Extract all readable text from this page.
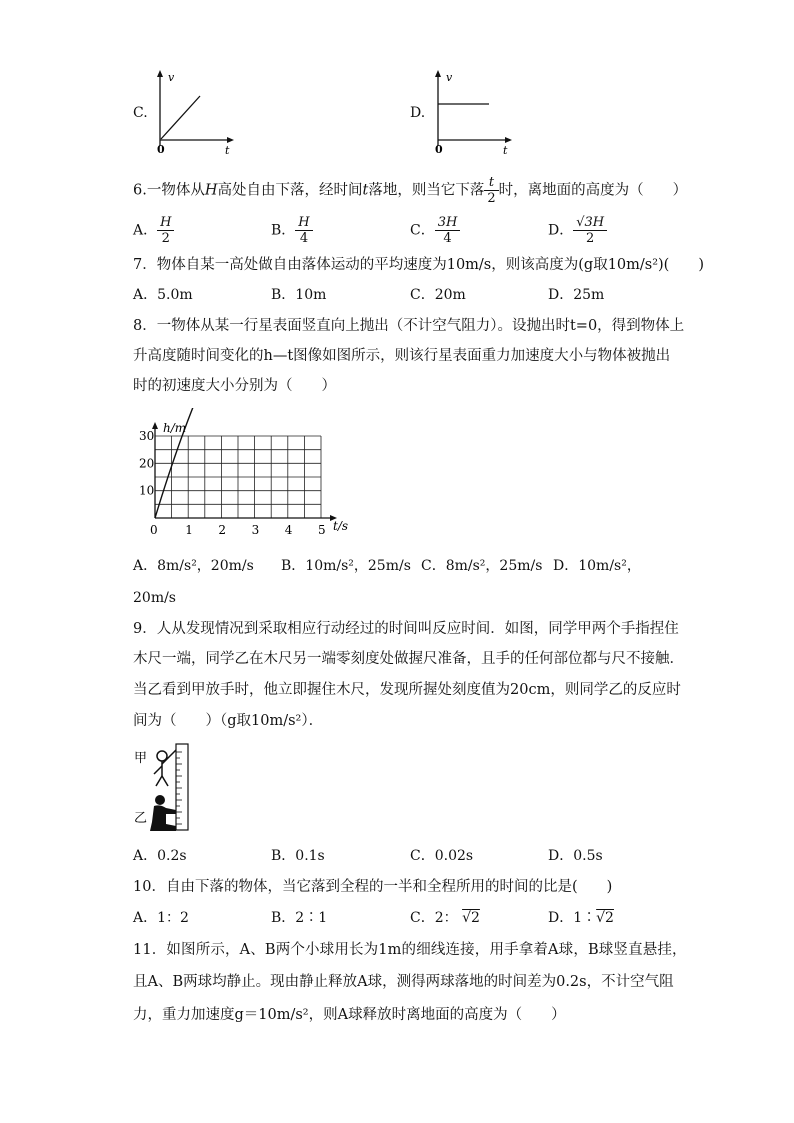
C.
v
0	t
D.
v
0	t
6.一物体从H高处自由下落，经时间t落地，则当它下落 $\frac{t}{2}$ 时，离地面的高度为（　　）
A． $\frac{H}{2}$	B． $\frac{H}{4}$	C． $\frac{3H}{4}$	D． $\frac{√3H}{2}$
7．物体自某一高处做自由落体运动的平均速度为10m/s，则该高度为(g取10m/s²)(　　)
A．5.0m	B．10m	C．20m	D．25m
8．一物体从某一行星表面竖直向上抛出（不计空气阻力）。设抛出时t=0，得到物体上
升高度随时间变化的h—t图像如图所示，则该行星表面重力加速度大小与物体被抛出
时的初速度大小分别为（　　）
0 1 2 3 4 5
10
20
30
h/m
t/s
A．8m/s²，20m/s B．10m/s²，25m/s C．8m/s²，25m/s D．10m/s²，
20m/s
9．人从发现情况到采取相应行动经过的时间叫反应时间．如图，同学甲两个手指捏住
木尺一端，同学乙在木尺另一端零刻度处做握尺准备，且手的任何部位都与尺不接触．
当乙看到甲放手时，他立即握住木尺，发现所握处刻度值为20cm，则同学乙的反应时
间为（　　）（g取10m/s²）．
甲
乙
A．0.2s	B．0.1s	C．0.02s	D．0.5s
10．自由下落的物体，当它落到全程的一半和全程所用的时间的比是(　　)
A．1：2	B．2∶1	C．2： √2	D．1∶√2
11．如图所示，A、B两个小球用长为1m的细线连接，用手拿着A球，B球竖直悬挂，
且A、B两球均静止。现由静止释放A球，测得两球落地的时间差为0.2s，不计空气阻
力，重力加速度g＝10m/s²，则A球释放时离地面的高度为（　　）
